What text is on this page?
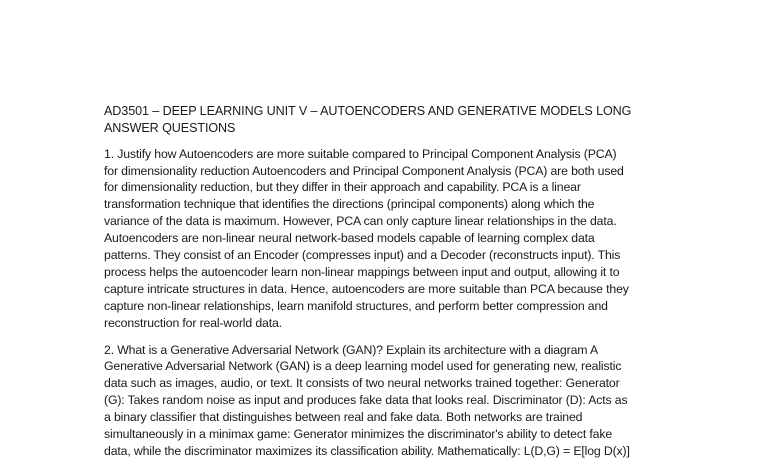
AD3501 – DEEP LEARNING UNIT V – AUTOENCODERS AND GENERATIVE MODELS LONG
ANSWER QUESTIONS

1. Justify how Autoencoders are more suitable compared to Principal Component Analysis (PCA)
for dimensionality reduction Autoencoders and Principal Component Analysis (PCA) are both used
for dimensionality reduction, but they differ in their approach and capability. PCA is a linear
transformation technique that identifies the directions (principal components) along which the
variance of the data is maximum. However, PCA can only capture linear relationships in the data.
Autoencoders are non-linear neural network-based models capable of learning complex data
patterns. They consist of an Encoder (compresses input) and a Decoder (reconstructs input). This
process helps the autoencoder learn non-linear mappings between input and output, allowing it to
capture intricate structures in data. Hence, autoencoders are more suitable than PCA because they
capture non-linear relationships, learn manifold structures, and perform better compression and
reconstruction for real-world data.

2. What is a Generative Adversarial Network (GAN)? Explain its architecture with a diagram A
Generative Adversarial Network (GAN) is a deep learning model used for generating new, realistic
data such as images, audio, or text. It consists of two neural networks trained together: Generator
(G): Takes random noise as input and produces fake data that looks real. Discriminator (D): Acts as
a binary classifier that distinguishes between real and fake data. Both networks are trained
simultaneously in a minimax game: Generator minimizes the discriminator's ability to detect fake
data, while the discriminator maximizes its classification ability. Mathematically: L(D,G) = E[log D(x)]
